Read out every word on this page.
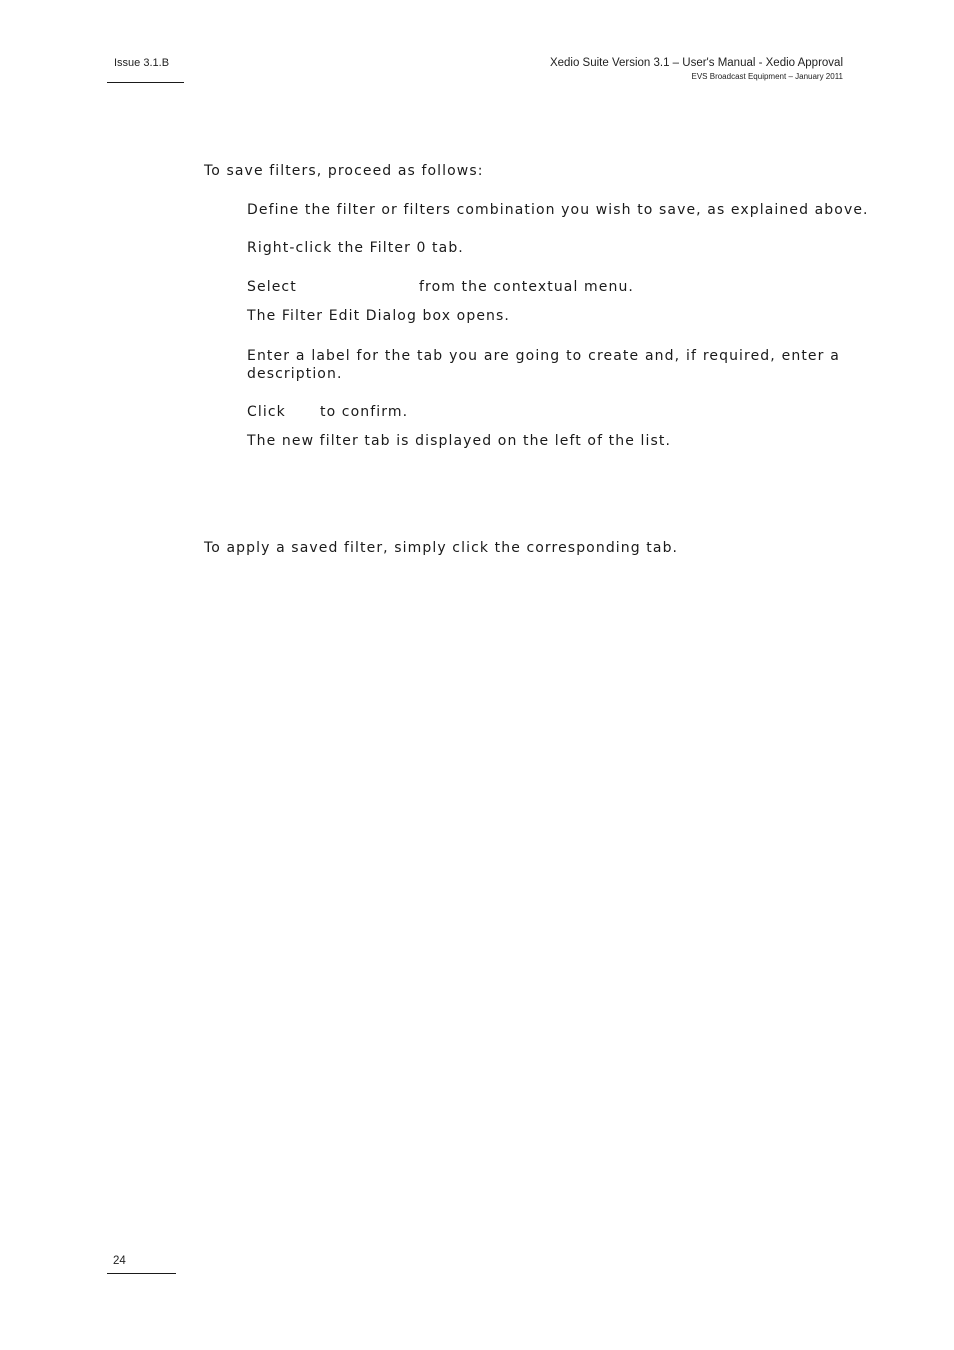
Issue 3.1.B	Xedio Suite Version 3.1 – User's Manual - Xedio Approval
EVS Broadcast Equipment – January 2011
To save filters, proceed as follows:
Define the filter or filters combination you wish to save, as explained above.
Right-click the Filter 0 tab.
Select	from the contextual menu.
The Filter Edit Dialog box opens.
Enter a label for the tab you are going to create and, if required, enter a
description.
Click to confirm.
The new filter tab is displayed on the left of the list.
To apply a saved filter, simply click the corresponding tab.
24
